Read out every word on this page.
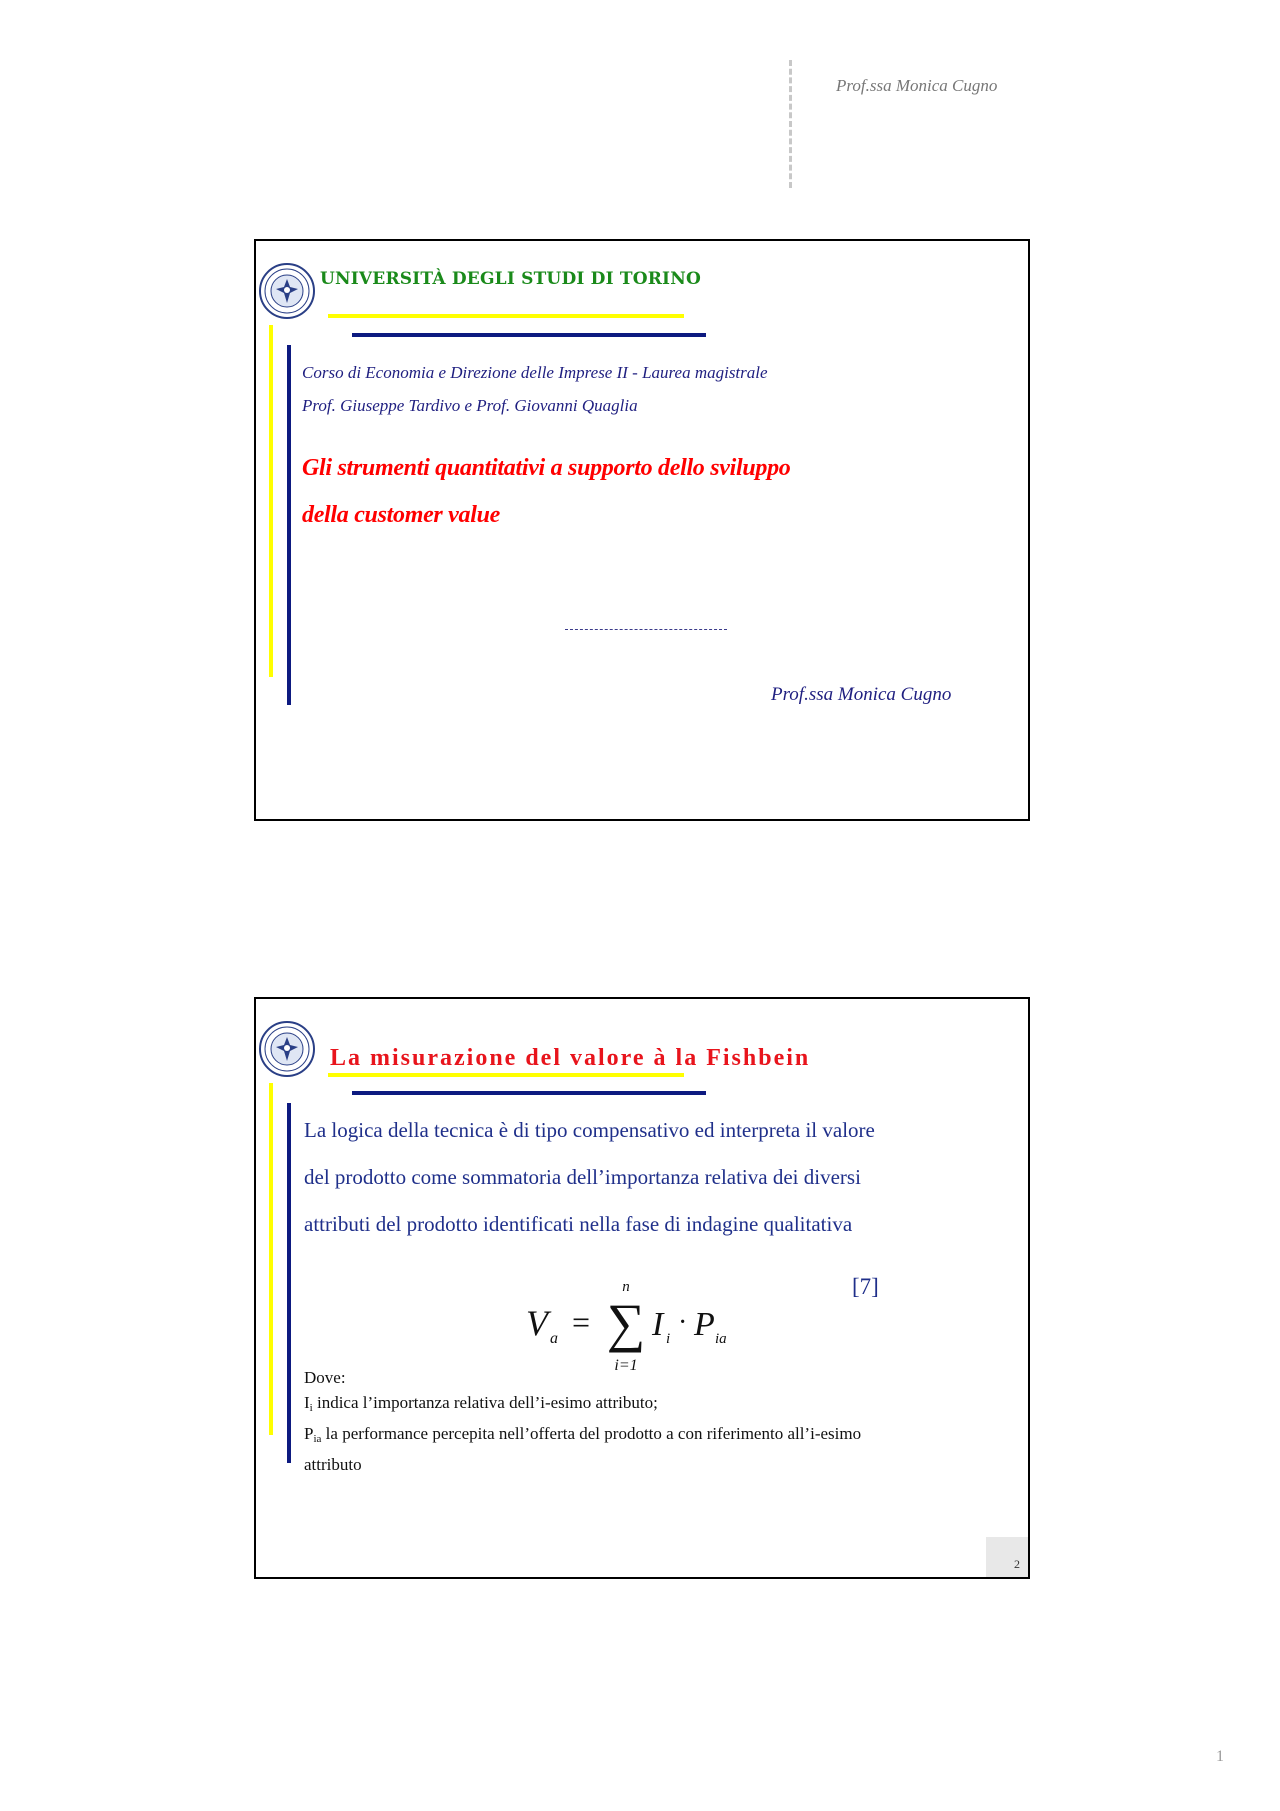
Prof.ssa Monica Cugno
UNIVERSITÀ DEGLI STUDI DI TORINO
Corso di Economia e Direzione delle Imprese II - Laurea magistrale
Prof. Giuseppe Tardivo e Prof. Giovanni Quaglia
Gli strumenti quantitativi a supporto dello sviluppo
della customer value
Prof.ssa Monica Cugno
La misurazione del valore à la Fishbein
La logica della tecnica è di tipo compensativo ed interpreta il valore
del prodotto come sommatoria dell’importanza relativa dei diversi
attributi del prodotto identificati nella fase di indagine qualitativa
[7]
V a =
n
∑
i=1
I i
· P ia
Dove:
$I_i$ indica l’importanza relativa dell’i-esimo attributo;
$P_{ia}$ la performance percepita nell’offerta del prodotto a con riferimento all’i-esimo
attributo
2
1
